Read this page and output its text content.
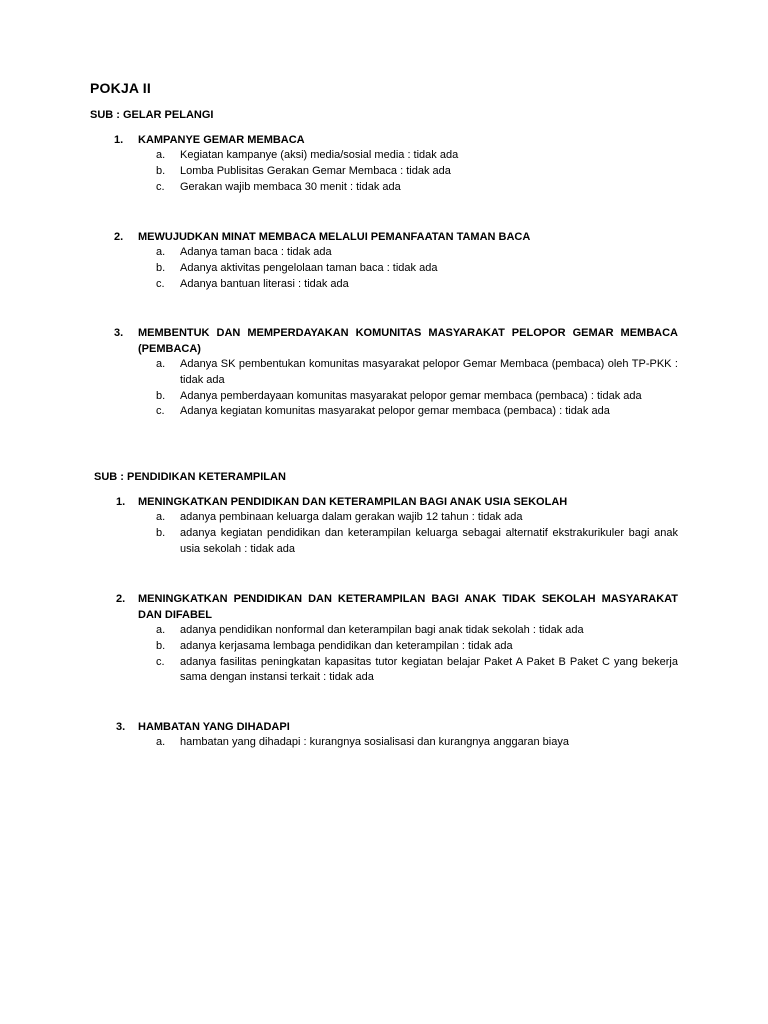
POKJA II
SUB : GELAR PELANGI
1. KAMPANYE GEMAR MEMBACA
a. Kegiatan kampanye (aksi) media/sosial media : tidak ada
b. Lomba Publisitas Gerakan Gemar Membaca : tidak ada
c. Gerakan wajib membaca 30 menit : tidak ada
2. MEWUJUDKAN MINAT MEMBACA MELALUI PEMANFAATAN TAMAN BACA
a. Adanya taman baca : tidak ada
b. Adanya aktivitas pengelolaan taman baca : tidak ada
c. Adanya bantuan literasi : tidak ada
3. MEMBENTUK DAN MEMPERDAYAKAN KOMUNITAS MASYARAKAT PELOPOR GEMAR MEMBACA (PEMBACA)
a. Adanya SK pembentukan komunitas masyarakat pelopor Gemar Membaca (pembaca) oleh TP-PKK : tidak ada
b. Adanya pemberdayaan komunitas masyarakat pelopor gemar membaca (pembaca) : tidak ada
c. Adanya kegiatan komunitas masyarakat pelopor gemar membaca (pembaca) : tidak ada
SUB : PENDIDIKAN KETERAMPILAN
1. MENINGKATKAN PENDIDIKAN DAN KETERAMPILAN BAGI ANAK USIA SEKOLAH
a. adanya pembinaan keluarga dalam gerakan wajib 12 tahun : tidak ada
b. adanya kegiatan pendidikan dan keterampilan keluarga sebagai alternatif ekstrakurikuler bagi anak usia sekolah : tidak ada
2. MENINGKATKAN PENDIDIKAN DAN KETERAMPILAN BAGI ANAK TIDAK SEKOLAH MASYARAKAT DAN DIFABEL
a. adanya pendidikan nonformal dan keterampilan bagi anak tidak sekolah : tidak ada
b. adanya kerjasama lembaga pendidikan dan keterampilan : tidak ada
c. adanya fasilitas peningkatan kapasitas tutor kegiatan belajar Paket A Paket B Paket C yang bekerja sama dengan instansi terkait : tidak ada
3. HAMBATAN YANG DIHADAPI
a. hambatan yang dihadapi : kurangnya sosialisasi dan kurangnya anggaran biaya
